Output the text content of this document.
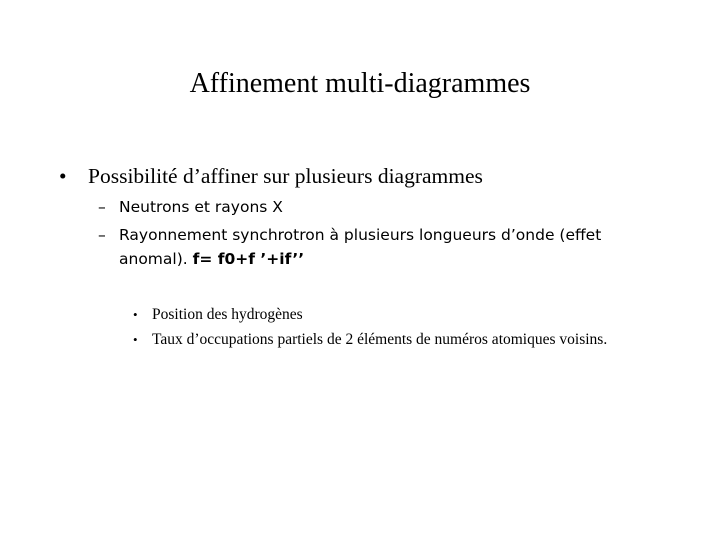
Affinement multi-diagrammes
• Possibilité d’affiner sur plusieurs diagrammes
– Neutrons et rayons X
– Rayonnement synchrotron à plusieurs longueurs d’onde (effet anomal). f= f0+f ’+if’’
• Position des hydrogènes
• Taux d’occupations partiels de 2 éléments de numéros atomiques voisins.
